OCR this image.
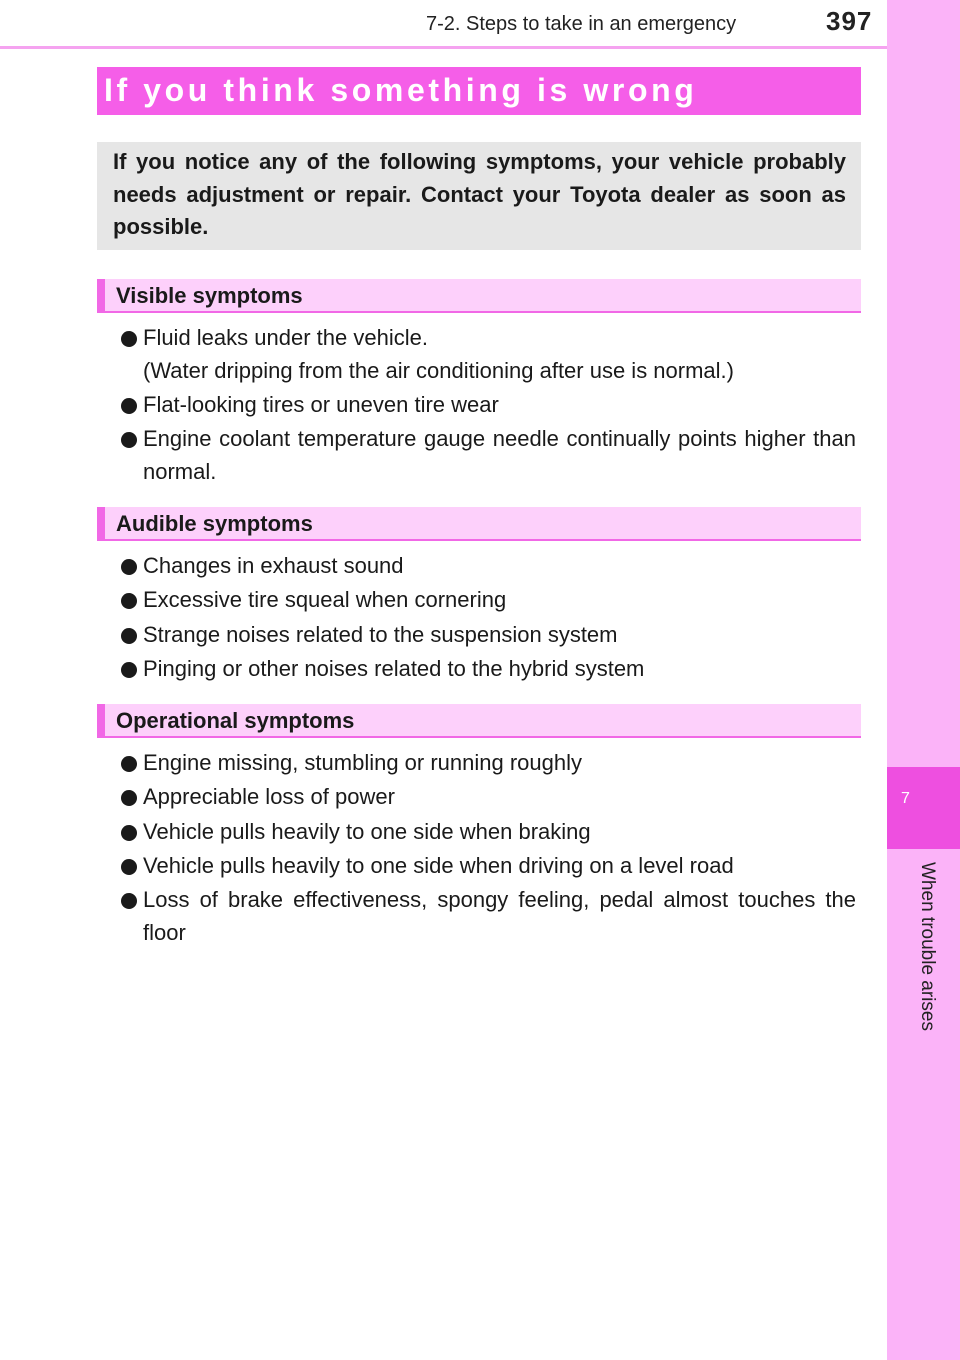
7-2. Steps to take in an emergency	397
7
When trouble arises
If you think something is wrong

If you notice any of the following symptoms, your vehicle probably needs adjustment or repair. Contact your Toyota dealer as soon as possible.

Visible symptoms
Fluid leaks under the vehicle.
(Water dripping from the air conditioning after use is normal.)
Flat-looking tires or uneven tire wear
Engine coolant temperature gauge needle continually points higher than normal.
Audible symptoms
Changes in exhaust sound
Excessive tire squeal when cornering
Strange noises related to the suspension system
Pinging or other noises related to the hybrid system
Operational symptoms
Engine missing, stumbling or running roughly
Appreciable loss of power
Vehicle pulls heavily to one side when braking
Vehicle pulls heavily to one side when driving on a level road
Loss of brake effectiveness, spongy feeling, pedal almost touches the floor
